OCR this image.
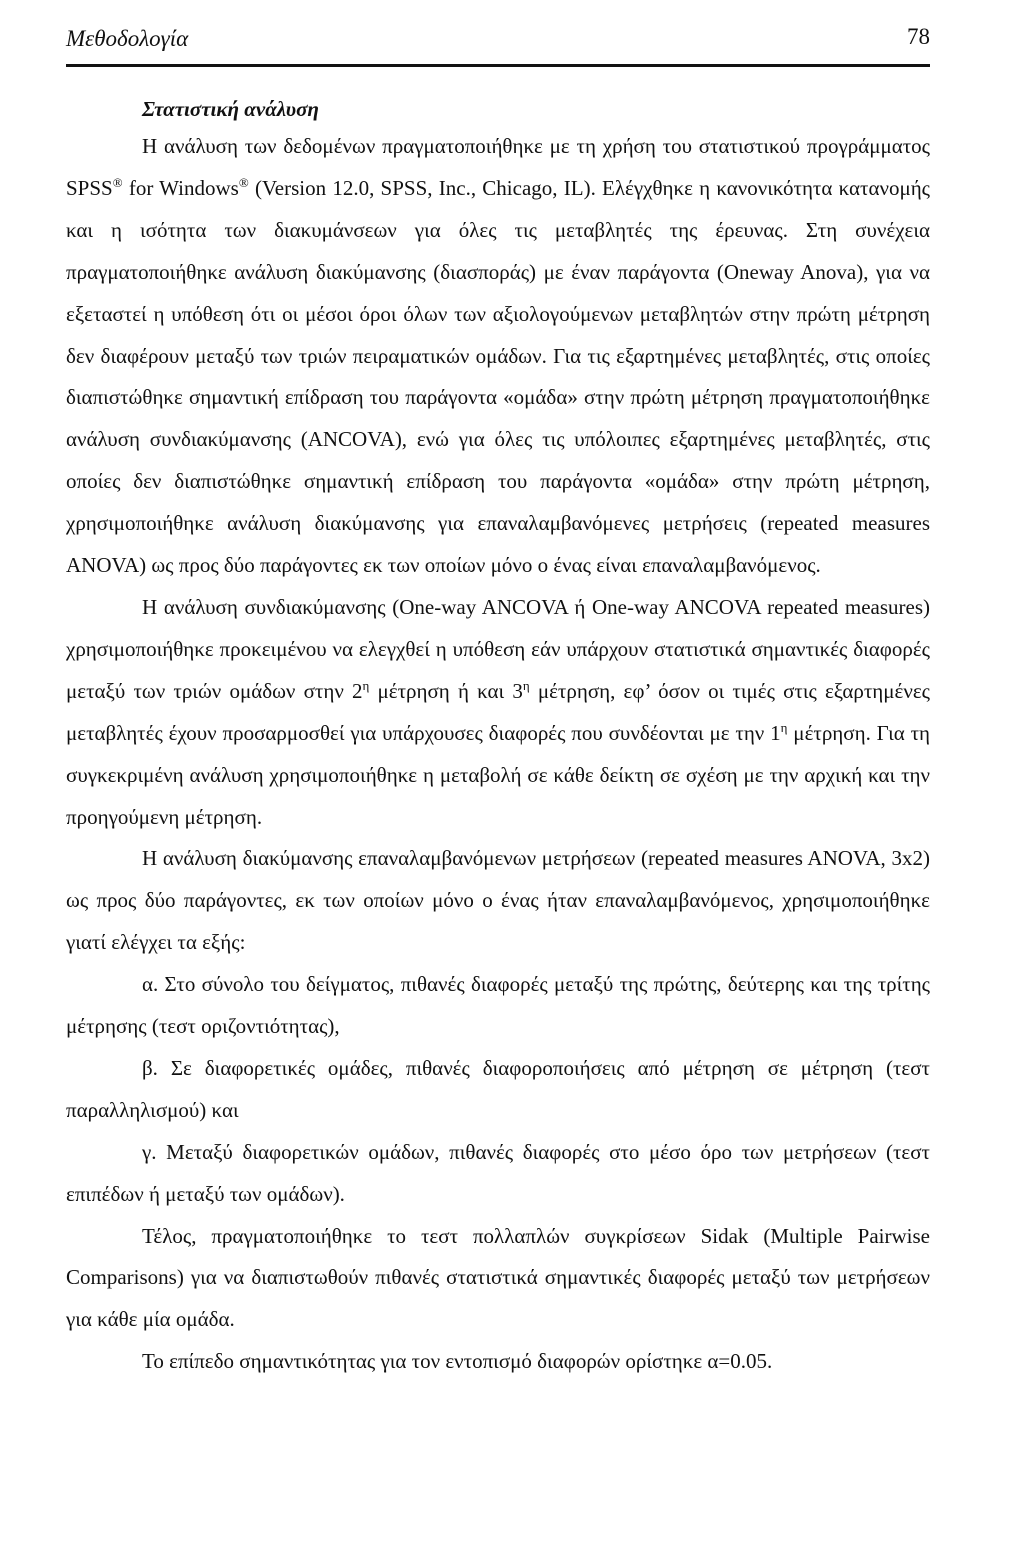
Μεθοδολογία	78
Στατιστική ανάλυση

Η ανάλυση των δεδομένων πραγματοποιήθηκε με τη χρήση του στατιστικού προγράμματος SPSS® for Windows® (Version 12.0, SPSS, Inc., Chicago, IL). Ελέγχθηκε η κανονικότητα κατανομής και η ισότητα των διακυμάνσεων για όλες τις μεταβλητές της έρευνας. Στη συνέχεια πραγματοποιήθηκε ανάλυση διακύμανσης (διασποράς) με έναν παράγοντα (Oneway Anova), για να εξεταστεί η υπόθεση ότι οι μέσοι όροι όλων των αξιολογούμενων μεταβλητών στην πρώτη μέτρηση δεν διαφέρουν μεταξύ των τριών πειραματικών ομάδων. Για τις εξαρτημένες μεταβλητές, στις οποίες διαπιστώθηκε σημαντική επίδραση του παράγοντα «ομάδα» στην πρώτη μέτρηση πραγματοποιήθηκε ανάλυση συνδιακύμανσης (ANCOVA), ενώ για όλες τις υπόλοιπες εξαρτημένες μεταβλητές, στις οποίες δεν διαπιστώθηκε σημαντική επίδραση του παράγοντα «ομάδα» στην πρώτη μέτρηση, χρησιμοποιήθηκε ανάλυση διακύμανσης για επαναλαμβανόμενες μετρήσεις (repeated measures ANOVA) ως προς δύο παράγοντες εκ των οποίων μόνο ο ένας είναι επαναλαμβανόμενος.

Η ανάλυση συνδιακύμανσης (One-way ANCOVA ή One-way ANCOVA repeated measures) χρησιμοποιήθηκε προκειμένου να ελεγχθεί η υπόθεση εάν υπάρχουν στατιστικά σημαντικές διαφορές μεταξύ των τριών ομάδων στην $2^\eta$ μέτρηση ή και $3^\eta$ μέτρηση, εφ’ όσον οι τιμές στις εξαρτημένες μεταβλητές έχουν προσαρμοσθεί για υπάρχουσες διαφορές που συνδέονται με την $1^\eta$ μέτρηση. Για τη συγκεκριμένη ανάλυση χρησιμοποιήθηκε η μεταβολή σε κάθε δείκτη σε σχέση με την αρχική και την προηγούμενη μέτρηση.

Η ανάλυση διακύμανσης επαναλαμβανόμενων μετρήσεων (repeated measures ANOVA, 3x2) ως προς δύο παράγοντες, εκ των οποίων μόνο ο ένας ήταν επαναλαμβανόμενος, χρησιμοποιήθηκε γιατί ελέγχει τα εξής:

α. Στο σύνολο του δείγματος, πιθανές διαφορές μεταξύ της πρώτης, δεύτερης και της τρίτης μέτρησης (τεστ οριζοντιότητας),

β. Σε διαφορετικές ομάδες, πιθανές διαφοροποιήσεις από μέτρηση σε μέτρηση (τεστ παραλληλισμού) και

γ. Μεταξύ διαφορετικών ομάδων, πιθανές διαφορές στο μέσο όρο των μετρήσεων (τεστ επιπέδων ή μεταξύ των ομάδων).

Τέλος, πραγματοποιήθηκε το τεστ πολλαπλών συγκρίσεων Sidak (Multiple Pairwise Comparisons) για να διαπιστωθούν πιθανές στατιστικά σημαντικές διαφορές μεταξύ των μετρήσεων για κάθε μία ομάδα.

Το επίπεδο σημαντικότητας για τον εντοπισμό διαφορών ορίστηκε α=0.05.
